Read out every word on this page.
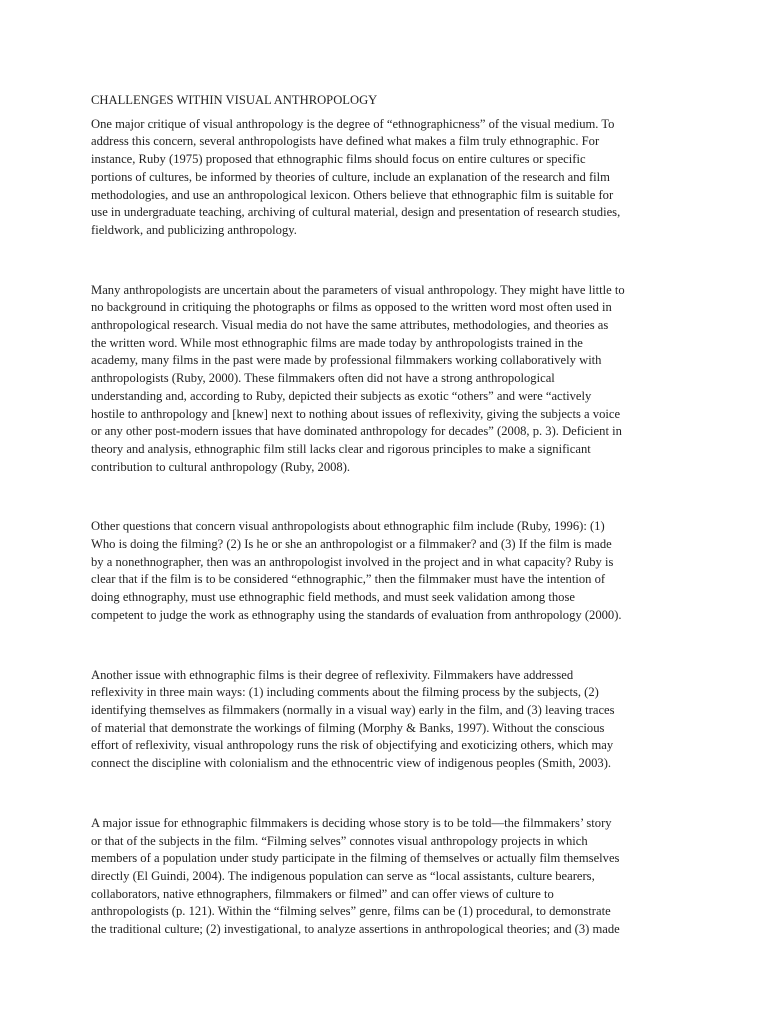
CHALLENGES WITHIN VISUAL ANTHROPOLOGY

One major critique of visual anthropology is the degree of “ethnographicness” of the visual medium. To
address this concern, several anthropologists have defined what makes a film truly ethnographic. For
instance, Ruby (1975) proposed that ethnographic films should focus on entire cultures or specific
portions of cultures, be informed by theories of culture, include an explanation of the research and film
methodologies, and use an anthropological lexicon. Others believe that ethnographic film is suitable for
use in undergraduate teaching, archiving of cultural material, design and presentation of research studies,
fieldwork, and publicizing anthropology.

Many anthropologists are uncertain about the parameters of visual anthropology. They might have little to
no background in critiquing the photographs or films as opposed to the written word most often used in
anthropological research. Visual media do not have the same attributes, methodologies, and theories as
the written word. While most ethnographic films are made today by anthropologists trained in the
academy, many films in the past were made by professional filmmakers working collaboratively with
anthropologists (Ruby, 2000). These filmmakers often did not have a strong anthropological
understanding and, according to Ruby, depicted their subjects as exotic “others” and were “actively
hostile to anthropology and [knew] next to nothing about issues of reflexivity, giving the subjects a voice
or any other post-modern issues that have dominated anthropology for decades” (2008, p. 3). Deficient in
theory and analysis, ethnographic film still lacks clear and rigorous principles to make a significant
contribution to cultural anthropology (Ruby, 2008).

Other questions that concern visual anthropologists about ethnographic film include (Ruby, 1996): (1)
Who is doing the filming? (2) Is he or she an anthropologist or a filmmaker? and (3) If the film is made
by a nonethnographer, then was an anthropologist involved in the project and in what capacity? Ruby is
clear that if the film is to be considered “ethnographic,” then the filmmaker must have the intention of
doing ethnography, must use ethnographic field methods, and must seek validation among those
competent to judge the work as ethnography using the standards of evaluation from anthropology (2000).

Another issue with ethnographic films is their degree of reflexivity. Filmmakers have addressed
reflexivity in three main ways: (1) including comments about the filming process by the subjects, (2)
identifying themselves as filmmakers (normally in a visual way) early in the film, and (3) leaving traces
of material that demonstrate the workings of filming (Morphy & Banks, 1997). Without the conscious
effort of reflexivity, visual anthropology runs the risk of objectifying and exoticizing others, which may
connect the discipline with colonialism and the ethnocentric view of indigenous peoples (Smith, 2003).

A major issue for ethnographic filmmakers is deciding whose story is to be told—the filmmakers’ story
or that of the subjects in the film. “Filming selves” connotes visual anthropology projects in which
members of a population under study participate in the filming of themselves or actually film themselves
directly (El Guindi, 2004). The indigenous population can serve as “local assistants, culture bearers,
collaborators, native ethnographers, filmmakers or filmed” and can offer views of culture to
anthropologists (p. 121). Within the “filming selves” genre, films can be (1) procedural, to demonstrate
the traditional culture; (2) investigational, to analyze assertions in anthropological theories; and (3) made
